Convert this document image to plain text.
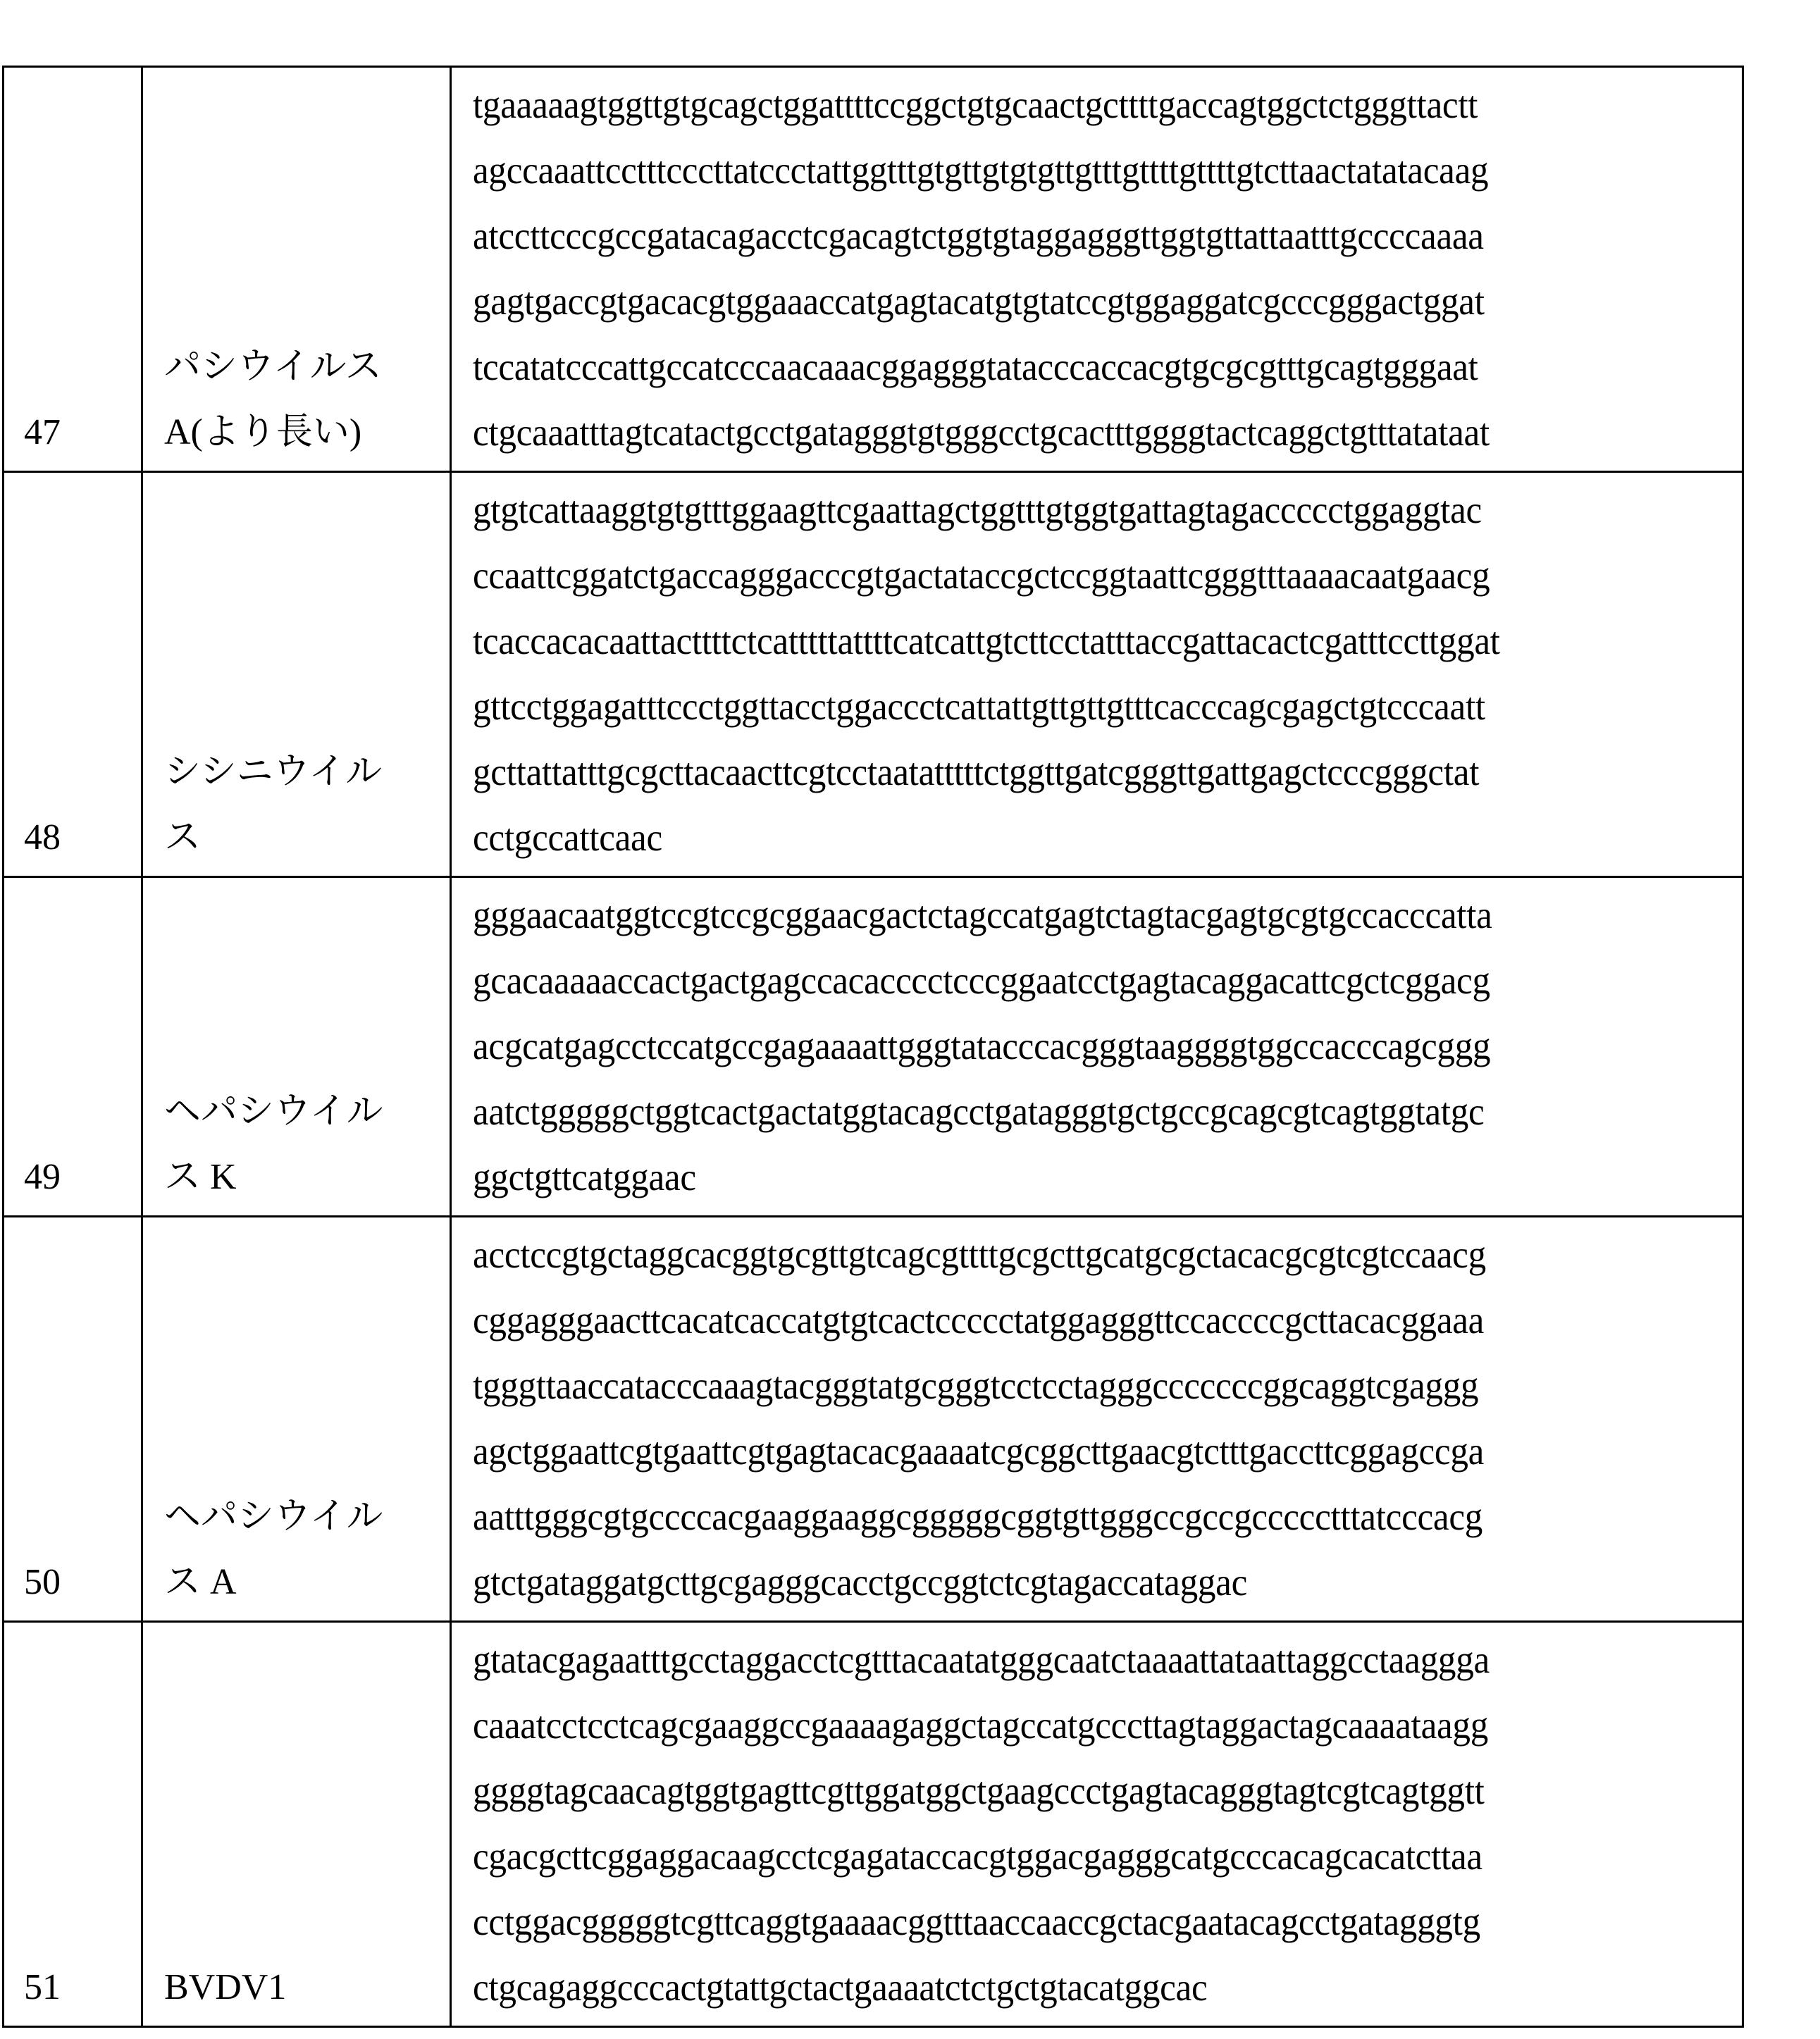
47	
パシウイルス
A(より長い)

tgaaaaagtggttgtgcagctggattttccggctgtgcaactgcttttgaccagtggctctgggttactt
agccaaattcctttcccttatccctattggtttgtgttgtgtgttgtttgttttgttttgtcttaactatatacaag
atccttcccgccgatacagacctcgacagtctggtgtaggagggttggtgttattaatttgccccaaaa
gagtgaccgtgacacgtggaaaccatgagtacatgtgtatccgtggaggatcgcccgggactggat
tccatatcccattgccatcccaacaaacggagggtatacccaccacgtgcgcgtttgcagtgggaat
ctgcaaatttagtcatactgcctgatagggtgtgggcctgcactttggggtactcaggctgtttatataat

48	
シシニウイル
ス

gtgtcattaaggtgtgtttggaagttcgaattagctggtttgtggtgattagtagaccccctggaggtac
ccaattcggatctgaccagggacccgtgactataccgctccggtaattcgggtttaaaacaatgaacg
tcaccacacaattacttttctcatttttattttcatcattgtcttcctatttaccgattacactcgatttccttggat
gttcctggagatttccctggttacctggaccctcattattgttgttgtttcacccagcgagctgtcccaatt
gcttattatttgcgcttacaacttcgtcctaatatttttctggttgatcgggttgattgagctcccgggctat
cctgccattcaac

49	
ヘパシウイル
ス K

gggaacaatggtccgtccgcggaacgactctagccatgagtctagtacgagtgcgtgccacccatta
gcacaaaaaccactgactgagccacacccctcccggaatcctgagtacaggacattcgctcggacg
acgcatgagcctccatgccgagaaaattgggtatacccacgggtaaggggtggccacccagcggg
aatctgggggctggtcactgactatggtacagcctgatagggtgctgccgcagcgtcagtggtatgc
ggctgttcatggaac

50	
ヘパシウイル
ス A

acctccgtgctaggcacggtgcgttgtcagcgttttgcgcttgcatgcgctacacgcgtcgtccaacg
cggagggaacttcacatcaccatgtgtcactccccctatggagggttccaccccgcttacacggaaa
tgggttaaccatacccaaagtacgggtatgcgggtcctcctagggcccccccggcaggtcgaggg
agctggaattcgtgaattcgtgagtacacgaaaatcgcggcttgaacgtctttgaccttcggagccga
aatttgggcgtgccccacgaaggaaggcgggggcggtgttgggccgccgccccctttatcccacg
gtctgataggatgcttgcgagggcacctgccggtctcgtagaccataggac

51	BVDV1

gtatacgagaatttgcctaggacctcgtttacaatatgggcaatctaaaattataattaggcctaaggga
caaatcctcctcagcgaaggccgaaaagaggctagccatgcccttagtaggactagcaaaataagg
ggggtagcaacagtggtgagttcgttggatggctgaagccctgagtacagggtagtcgtcagtggtt
cgacgcttcggaggacaagcctcgagataccacgtggacgagggcatgcccacagcacatcttaa
cctggacgggggtcgttcaggtgaaaacggtttaaccaaccgctacgaatacagcctgatagggtg
ctgcagaggcccactgtattgctactgaaaatctctgctgtacatggcac
